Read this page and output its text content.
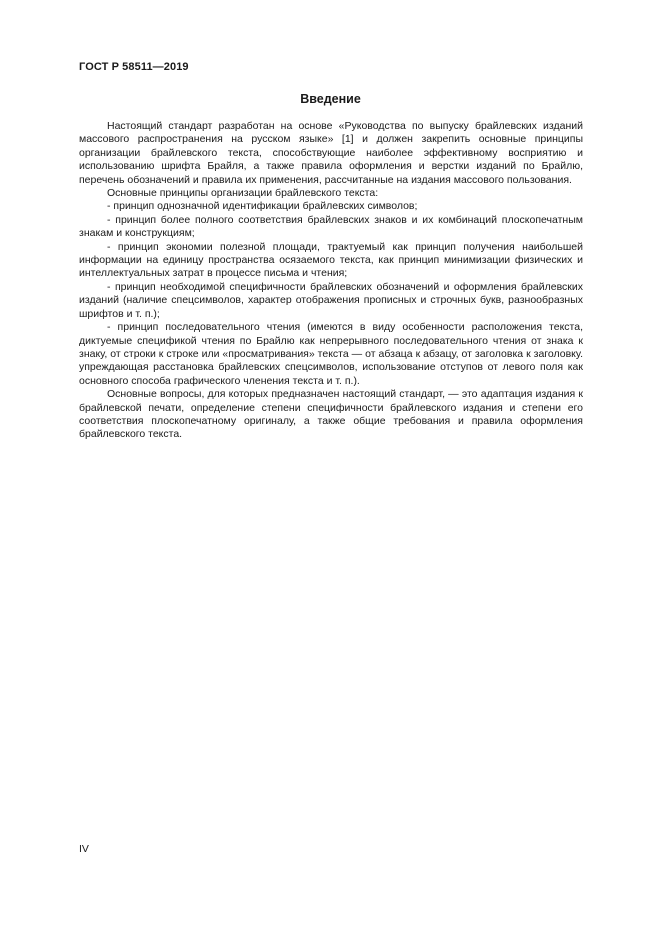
ГОСТ Р 58511—2019
Введение

Настоящий стандарт разработан на основе «Руководства по выпуску брайлевских изданий массового распространения на русском языке» [1] и должен закрепить основные принципы организации брайлевского текста, способствующие наиболее эффективному восприятию и использованию шрифта Брайля, а также правила оформления и верстки изданий по Брайлю, перечень обозначений и правила их применения, рассчитанные на издания массового пользования.

Основные принципы организации брайлевского текста:

- принцип однозначной идентификации брайлевских символов;

- принцип более полного соответствия брайлевских знаков и их комбинаций плоскопечатным знакам и конструкциям;

- принцип экономии полезной площади, трактуемый как принцип получения наибольшей информации на единицу пространства осязаемого текста, как принцип минимизации физических и интеллектуальных затрат в процессе письма и чтения;

- принцип необходимой специфичности брайлевских обозначений и оформления брайлевских изданий (наличие спецсимволов, характер отображения прописных и строчных букв, разнообразных шрифтов и т. п.);

- принцип последовательного чтения (имеются в виду особенности расположения текста, диктуемые спецификой чтения по Брайлю как непрерывного последовательного чтения от знака к знаку, от строки к строке или «просматривания» текста — от абзаца к абзацу, от заголовка к заголовку. упреждающая расстановка брайлевских спецсимволов, использование отступов от левого поля как основного способа графического членения текста и т. п.).

Основные вопросы, для которых предназначен настоящий стандарт, — это адаптация издания к брайлевской печати, определение степени специфичности брайлевского издания и степени его соответствия плоскопечатному оригиналу, а также общие требования и правила оформления брайлевского текста.

IV
